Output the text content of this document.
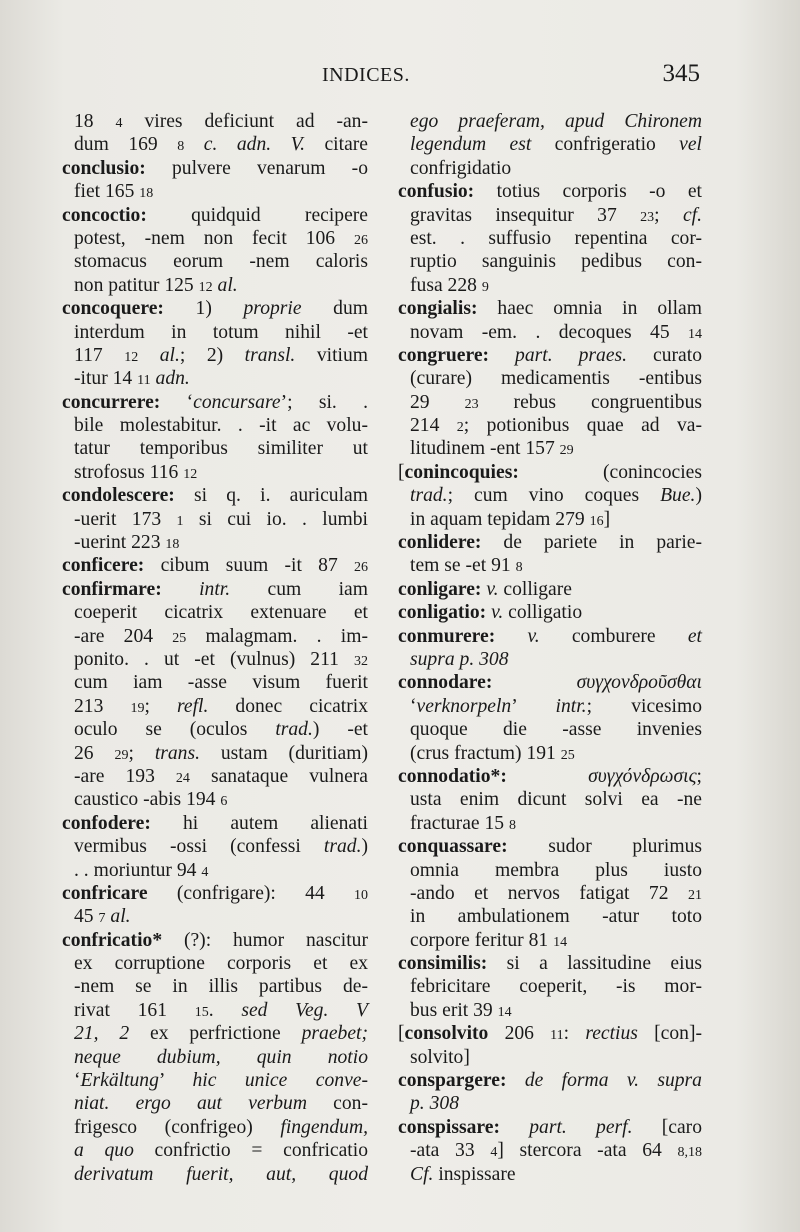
INDICES.	345
18 4 vires deficiunt ad -an-
dum 169 8 c. adn. V. citare
conclusio: pulvere venarum -o
fiet 165 18
concoctio: quidquid recipere
potest, -nem non fecit 106 26
stomacus eorum -nem caloris
non patitur 125 12 al.
concoquere: 1) proprie dum
interdum in totum nihil -et
117 12 al.; 2) transl. vitium
-itur 14 11 adn.
concurrere: ‘concursare’; si. .
bile molestabitur. . -it ac volu-
tatur temporibus similiter ut
strofosus 116 12
condolescere: si q. i. auriculam
-uerit 173 1 si cui io. . lumbi
-uerint 223 18
conficere: cibum suum -it 87 26
confirmare: intr. cum iam
coeperit cicatrix extenuare et
-are 204 25 malagmam. . im-
ponito. . ut -et (vulnus) 211 32
cum iam -asse visum fuerit
213 19; refl. donec cicatrix
oculo se (oculos trad.) -et
26 29; trans. ustam (duritiam)
-are 193 24 sanataque vulnera
caustico -abis 194 6
confodere: hi autem alienati
vermibus -ossi (confessi trad.)
. . moriuntur 94 4
confricare (confrigare): 44 10
45 7 al.
confricatio* (?): humor nascitur
ex corruptione corporis et ex
-nem se in illis partibus de-
rivat 161 15. sed Veg. V
21, 2 ex perfrictione praebet;
neque dubium, quin notio
‘Erkältung’ hic unice conve-
niat. ergo aut verbum con-
frigesco (confrigeo) fingendum,
a quo confrictio = confricatio
derivatum fuerit, aut, quod
ego praeferam, apud Chironem
legendum est confrigeratio vel
confrigidatio
confusio: totius corporis -o et
gravitas insequitur 37 23; cf.
est. . suffusio repentina cor-
ruptio sanguinis pedibus con-
fusa 228 9
congialis: haec omnia in ollam
novam -em. . decoques 45 14
congruere: part. praes. curato
(curare) medicamentis -entibus
29 23 rebus congruentibus
214 2; potionibus quae ad va-
litudinem -ent 157 29
[conincoquies: (conincocies
trad.; cum vino coques Bue.)
in aquam tepidam 279 16]
conlidere: de pariete in parie-
tem se -et 91 8
conligare: v. colligare
conligatio: v. colligatio
conmurere: v. comburere et
supra p. 308
connodare:	συγχονδροῦσθαι
‘verknorpeln’ intr.; vicesimo
quoque die -asse invenies
(crus fractum) 191 25
connodatio*:	συγχόνδρωσις;
usta enim dicunt solvi ea -ne
fracturae 15 8
conquassare: sudor plurimus
omnia membra plus iusto
-ando et nervos fatigat 72 21
in ambulationem -atur toto
corpore feritur 81 14
consimilis: si a lassitudine eius
febricitare coeperit, -is mor-
bus erit 39 14
[consolvito 206 11: rectius [con]-
solvito]
conspargere: de forma v. supra
p. 308
conspissare: part. perf. [caro
-ata 33 4] stercora -ata 64 8,18
Cf. inspissare
